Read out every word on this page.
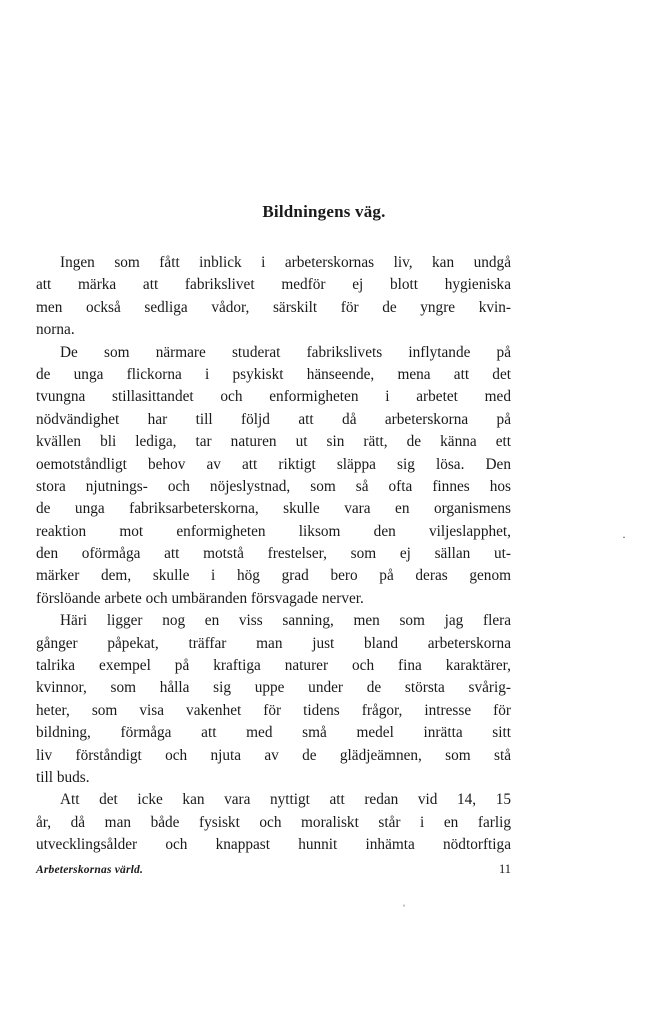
Bildningens väg.
Ingen som fått inblick i arbeterskornas liv, kan undgå
att märka att fabrikslivet medför ej blott hygieniska
men också sedliga vådor, särskilt för de yngre kvin-
norna.
De som närmare studerat fabrikslivets inflytande på
de unga flickorna i psykiskt hänseende, mena att det
tvungna stillasittandet och enformigheten i arbetet med
nödvändighet har till följd att då arbeterskorna på
kvällen bli lediga, tar naturen ut sin rätt, de känna ett
oemotståndligt behov av att riktigt släppa sig lösa. Den
stora njutnings- och nöjeslystnad, som så ofta finnes hos
de unga fabriksarbeterskorna, skulle vara en organismens
reaktion mot enformigheten liksom den viljeslapphet,
den oförmåga att motstå frestelser, som ej sällan ut-
märker dem, skulle i hög grad bero på deras genom
förslöande arbete och umbäranden försvagade nerver.
Häri ligger nog en viss sanning, men som jag flera
gånger påpekat, träffar man just bland arbeterskorna
talrika exempel på kraftiga naturer och fina karaktärer,
kvinnor, som hålla sig uppe under de största svårig-
heter, som visa vakenhet för tidens frågor, intresse för
bildning, förmåga att med små medel inrätta sitt
liv förståndigt och njuta av de glädjeämnen, som stå
till buds.
Att det icke kan vara nyttigt att redan vid 14, 15
år, då man både fysiskt och moraliskt står i en farlig
utvecklingsålder och knappast hunnit inhämta nödtorftiga
Arbeterskornas värld.	11
·
ˌ
